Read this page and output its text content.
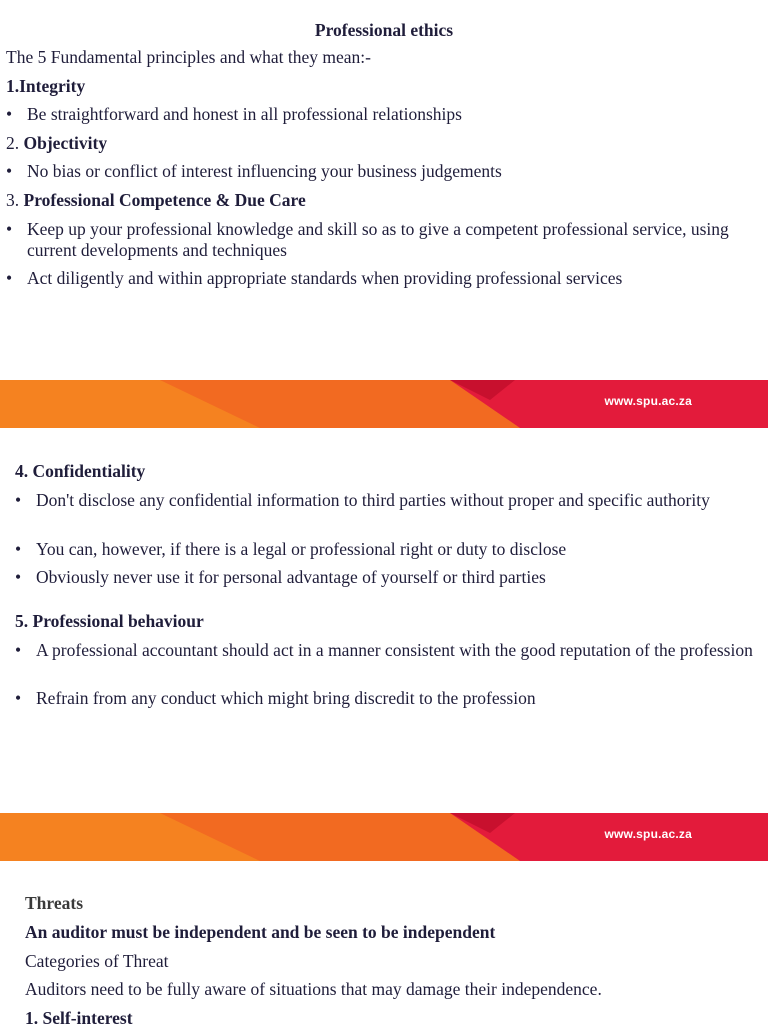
Professional ethics
The 5 Fundamental principles and what they mean:-
1.Integrity
• Be straightforward and honest in all professional relationships
2. Objectivity
• No bias or conflict of interest influencing your business judgements
3. Professional Competence & Due Care
• Keep up your professional knowledge and skill so as to give a competent professional service, using current developments and techniques
• Act diligently and within appropriate standards when providing professional services
www.spu.ac.za
4. Confidentiality
• Don't disclose any confidential information to third parties without proper and specific authority
• You can, however, if there is a legal or professional right or duty to disclose
• Obviously never use it for personal advantage of yourself or third parties
5. Professional behaviour
• A professional accountant should act in a manner consistent with the good reputation of the profession
• Refrain from any conduct which might bring discredit to the profession
www.spu.ac.za
Threats
An auditor must be independent and be seen to be independent
Categories of Threat
Auditors need to be fully aware of situations that may damage their independence.
1. Self-interest
